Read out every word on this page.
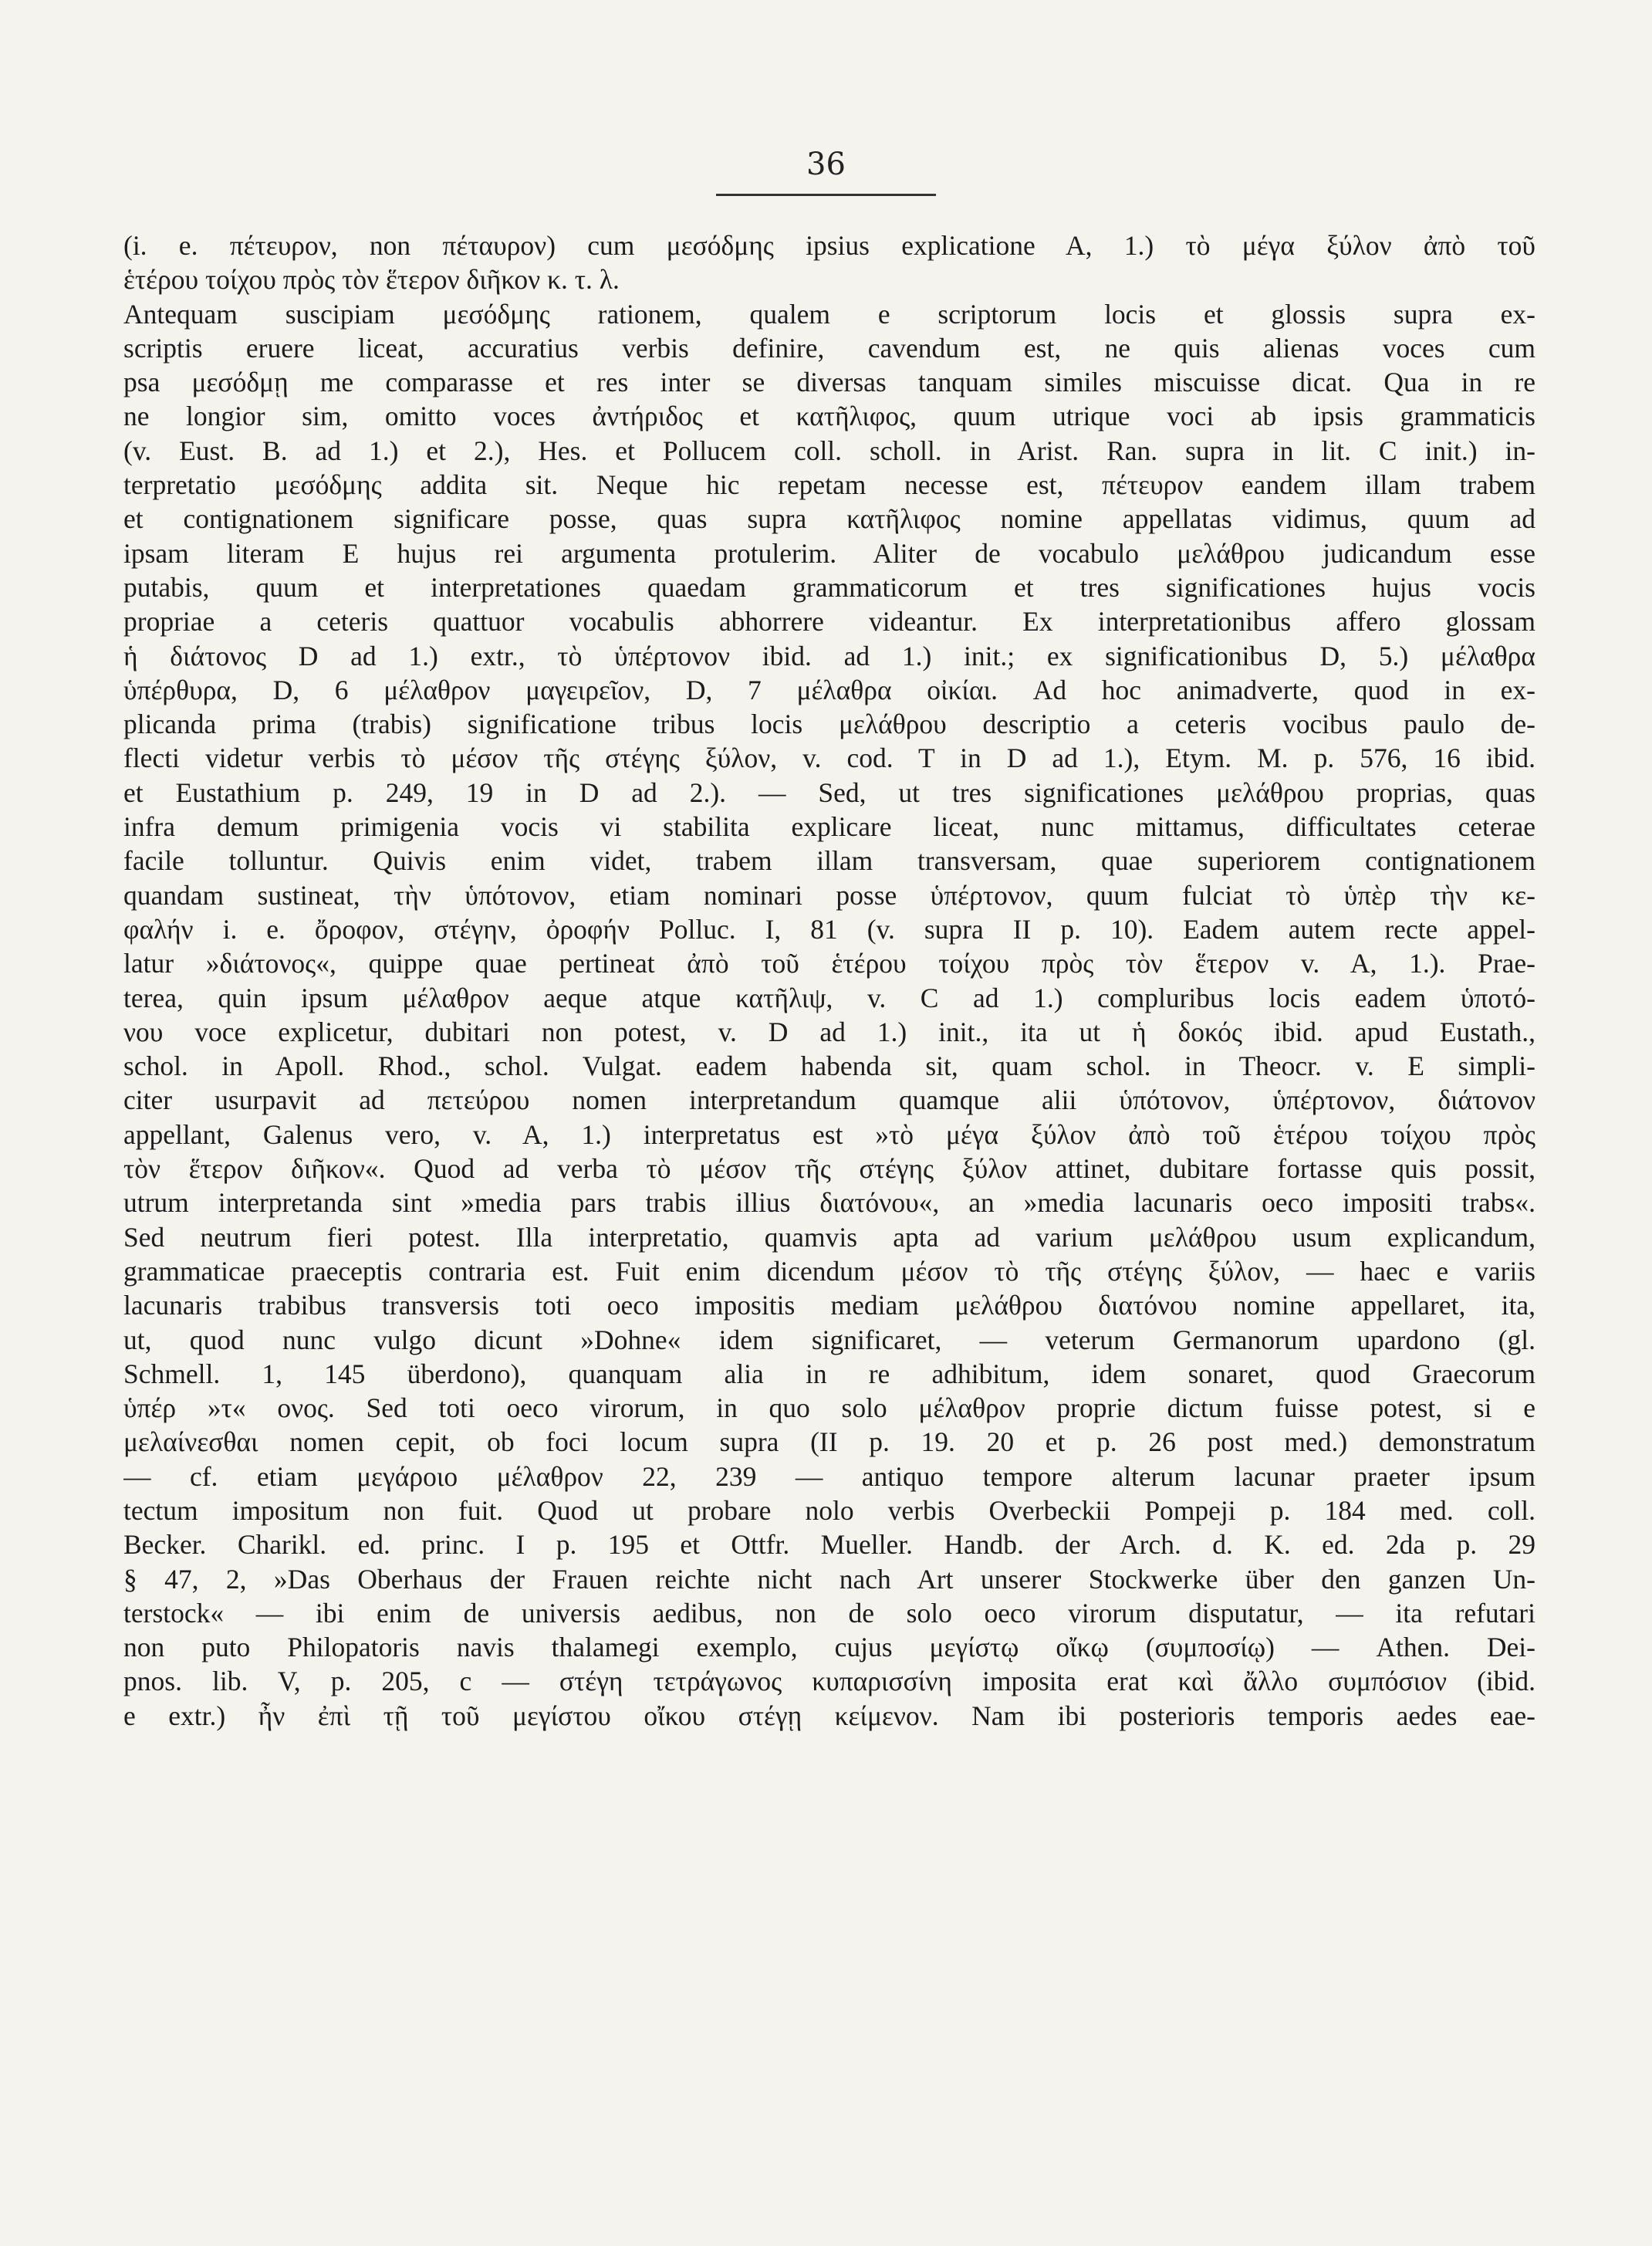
36
(i. e. πέτευρον, non πέταυρον) cum μεσόδμης ipsius explicatione A, 1.) τὸ μέγα ξύλον ἀπὸ τοῦ
ἑτέρου τοίχου πρὸς τὸν ἕτερον διῆκον κ. τ. λ.
Antequam suscipiam μεσόδμης rationem, qualem e scriptorum locis et glossis supra ex-
scriptis eruere liceat, accuratius verbis definire, cavendum est, ne quis alienas voces cum
psa μεσόδμῃ me comparasse et res inter se diversas tanquam similes miscuisse dicat. Qua in re
ne longior sim, omitto voces ἀντήριδος et κατῆλιφος, quum utrique voci ab ipsis grammaticis
(v. Eust. B. ad 1.) et 2.), Hes. et Pollucem coll. scholl. in Arist. Ran. supra in lit. C init.) in-
terpretatio μεσόδμης addita sit. Neque hic repetam necesse est, πέτευρον eandem illam trabem
et contignationem significare posse, quas supra κατῆλιφος nomine appellatas vidimus, quum ad
ipsam literam E hujus rei argumenta protulerim. Aliter de vocabulo μελάθρου judicandum esse
putabis, quum et interpretationes quaedam grammaticorum et tres significationes hujus vocis
propriae a ceteris quattuor vocabulis abhorrere videantur. Ex interpretationibus affero glossam
ἡ διάτονος D ad 1.) extr., τὸ ὑπέρτονον ibid. ad 1.) init.; ex significationibus D, 5.) μέλαθρα
ὑπέρθυρα, D, 6 μέλαθρον μαγειρεῖον, D, 7 μέλαθρα οἰκίαι. Ad hoc animadverte, quod in ex-
plicanda prima (trabis) significatione tribus locis μελάθρου descriptio a ceteris vocibus paulo de-
flecti videtur verbis τὸ μέσον τῆς στέγης ξύλον, v. cod. T in D ad 1.), Etym. M. p. 576, 16 ibid.
et Eustathium p. 249, 19 in D ad 2.). — Sed, ut tres significationes μελάθρου proprias, quas
infra demum primigenia vocis vi stabilita explicare liceat, nunc mittamus, difficultates ceterae
facile tolluntur. Quivis enim videt, trabem illam transversam, quae superiorem contignationem
quandam sustineat, τὴν ὑπότονον, etiam nominari posse ὑπέρτονον, quum fulciat τὸ ὑπὲρ τὴν κε-
φαλήν i. e. ὄροφον, στέγην, ὀροφήν Polluc. I, 81 (v. supra II p. 10). Eadem autem recte appel-
latur »διάτονος«, quippe quae pertineat ἀπὸ τοῦ ἑτέρου τοίχου πρὸς τὸν ἕτερον v. A, 1.). Prae-
terea, quin ipsum μέλαθρον aeque atque κατῆλιψ, v. C ad 1.) compluribus locis eadem ὑποτό-
νου voce explicetur, dubitari non potest, v. D ad 1.) init., ita ut ἡ δοκός ibid. apud Eustath.,
schol. in Apoll. Rhod., schol. Vulgat. eadem habenda sit, quam schol. in Theocr. v. E simpli-
citer usurpavit ad πετεύρου nomen interpretandum quamque alii ὑπότονον, ὑπέρτονον, διάτονον
appellant, Galenus vero, v. A, 1.) interpretatus est »τὸ μέγα ξύλον ἀπὸ τοῦ ἑτέρου τοίχου πρὸς
τὸν ἕτερον διῆκον«. Quod ad verba τὸ μέσον τῆς στέγης ξύλον attinet, dubitare fortasse quis possit,
utrum interpretanda sint »media pars trabis illius διατόνου«, an »media lacunaris oeco impositi trabs«.
Sed neutrum fieri potest. Illa interpretatio, quamvis apta ad varium μελάθρου usum explicandum,
grammaticae praeceptis contraria est. Fuit enim dicendum μέσον τὸ τῆς στέγης ξύλον, — haec e variis
lacunaris trabibus transversis toti oeco impositis mediam μελάθρου διατόνου nomine appellaret, ita,
ut, quod nunc vulgo dicunt »Dohne« idem significaret, — veterum Germanorum upardono (gl.
Schmell. 1, 145 überdono), quanquam alia in re adhibitum, idem sonaret, quod Graecorum
ὑπέρ »τ« ονος. Sed toti oeco virorum, in quo solo μέλαθρον proprie dictum fuisse potest, si e
μελαίνεσθαι nomen cepit, ob foci locum supra (II p. 19. 20 et p. 26 post med.) demonstratum
— cf. etiam μεγάροιο μέλαθρον 22, 239 — antiquo tempore alterum lacunar praeter ipsum
tectum impositum non fuit. Quod ut probare nolo verbis Overbeckii Pompeji p. 184 med. coll.
Becker. Charikl. ed. princ. I p. 195 et Ottfr. Mueller. Handb. der Arch. d. K. ed. 2da p. 29
§ 47, 2, »Das Oberhaus der Frauen reichte nicht nach Art unserer Stockwerke über den ganzen Un-
terstock« — ibi enim de universis aedibus, non de solo oeco virorum disputatur, — ita refutari
non puto Philopatoris navis thalamegi exemplo, cujus μεγίστῳ οἴκῳ (συμποσίῳ) — Athen. Dei-
pnos. lib. V, p. 205, c — στέγη τετράγωνος κυπαρισσίνη imposita erat καὶ ἄλλο συμπόσιον (ibid.
e extr.) ἦν ἐπὶ τῇ τοῦ μεγίστου οἴκου στέγῃ κείμενον. Nam ibi posterioris temporis aedes eae-
